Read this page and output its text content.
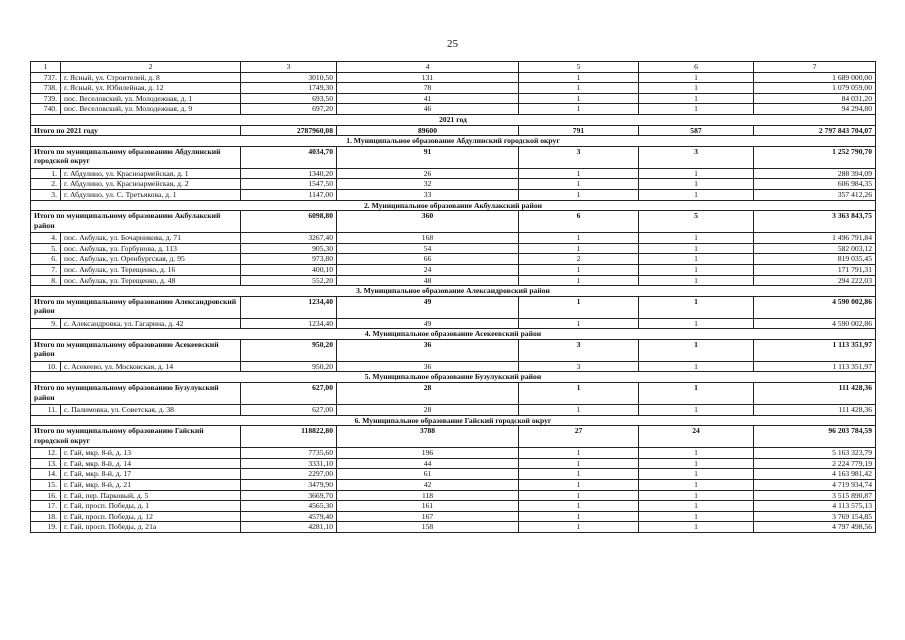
25
1	2	3	4	5	6	7
737.	г. Ясный, ул. Строителей, д. 8	3010,50	131	1	1	1 689 000,00
738.	г. Ясный, ул. Юбилейная, д. 12	1749,30	78	1	1	1 079 059,00
739.	пос. Веселовский, ул. Молодежная, д. 1	693,50	41	1	1	84 031,20
740.	пос. Веселовский, ул. Молодежная, д. 9	697,20	46	1	1	94 294,80
2021 год						
Итого по 2021 году		2787960,08	89600	791	587	2 797 843 704,07
1. Муниципальное образование Абдулинский городской округ						
Итого по муниципальному образованию Абдулинский городской округ		4034,70	91	3	3	1 252 790,70
1.	г. Абдулино, ул. Красноармейская, д. 1	1340,20	26	1	1	288 394,09
2.	г. Абдулино, ул. Красноармейская, д. 2	1547,50	32	1	1	606 984,35
3.	г. Абдулино, ул. С. Третьякова, д. 1	1147,00	33	1	1	357 412,26
2. Муниципальное образование Акбулакский район						
Итого по муниципальному образованию Акбулакский район		6098,80	360	6	5	3 363 843,75
4.	пос. Акбулак, ул. Бочарникова, д. 71	3267,40	168	1	1	1 496 791,84
5.	пос. Акбулак, ул. Горбунова, д. 113	905,30	54	1	1	582 003,12
6.	пос. Акбулак, ул. Оренбургская, д. 95	973,80	66	2	1	819 035,45
7.	пос. Акбулак, ул. Терещенко, д. 16	400,10	24	1	1	171 791,31
8.	пос. Акбулак, ул. Терещенко, д. 48	552,20	48	1	1	294 222,03
3. Муниципальное образование Александровский район						
Итого по муниципальному образованию Александровский район		1234,40	49	1	1	4 590 002,86
9.	с. Александровка, ул. Гагарина, д. 42	1234,40	49	1	1	4 590 002,86
4. Муниципальное образование Асекеевский район						
Итого по муниципальному образованию Асекеевский район		950,20	36	3	1	1 113 351,97
10.	с. Асекеево, ул. Московская, д. 14	950,20	36	3	1	1 113 351,97
5. Муниципальное образование Бузулукский район						
Итого по муниципальному образованию Бузулукский район		627,00	28	1	1	111 428,36
11.	с. Палимовка, ул. Советская, д. 38	627,00	28	1	1	111 428,36
6. Муниципальное образование Гайский городской округ						
Итого по муниципальному образованию Гайский городской округ		118822,80	3788	27	24	96 203 784,59
12.	г. Гай, мкр. 8-й, д. 13	7735,60	196	1	1	5 163 323,79
13.	г. Гай, мкр. 8-й, д. 14	3331,10	44	1	1	2 224 779,19
14.	г. Гай, мкр. 8-й, д. 17	2297,00	61	1	1	4 163 981,42
15.	г. Гай, мкр. 8-й, д. 21	3479,90	42	1	1	4 719 934,74
16.	г. Гай, пер. Парковый, д. 5	3669,70	118	1	1	3 515 890,87
17.	г. Гай, просп. Победы, д. 1	4565,30	161	1	1	4 113 575,13
18.	г. Гай, просп. Победы, д. 12	4579,40	167	1	1	3 769 154,85
19.	г. Гай, просп. Победы, д. 21а	4281,10	158	1	1	4 797 498,56
